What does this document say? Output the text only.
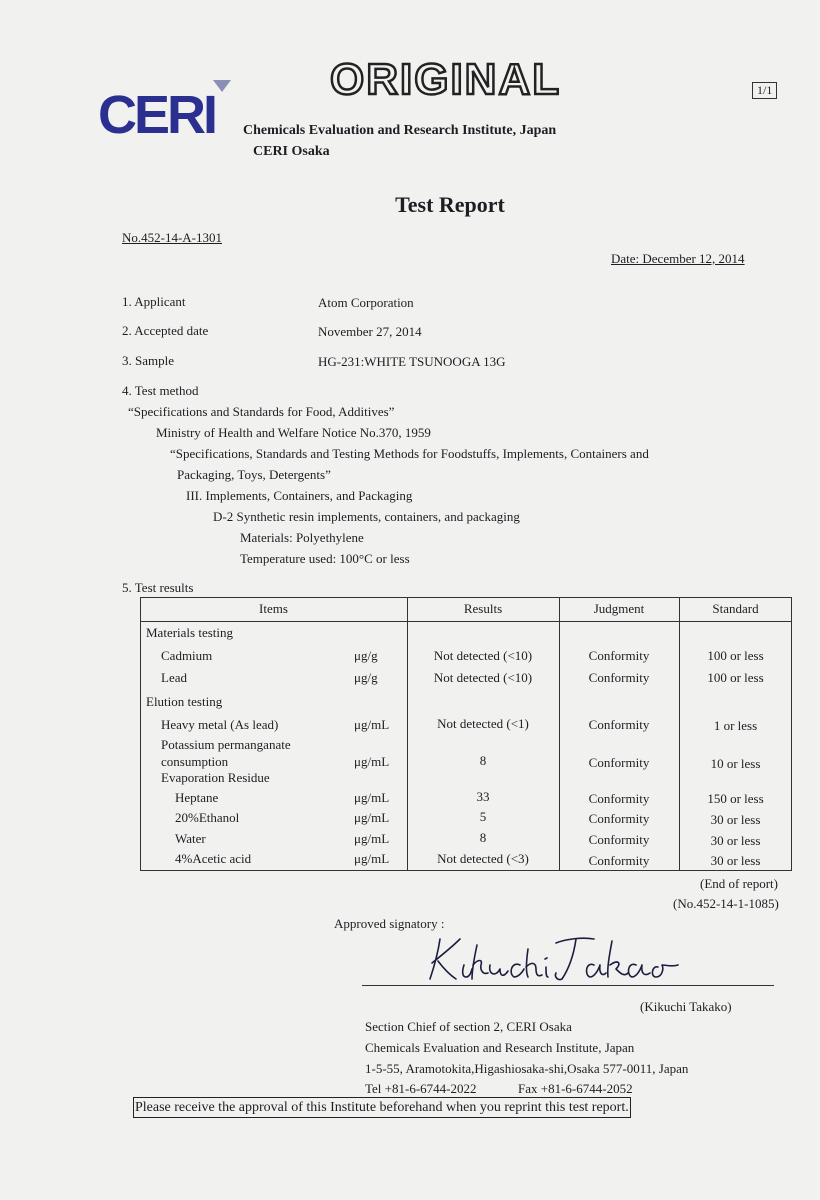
CERI
ORIGINAL	1/1
Chemicals Evaluation and Research Institute, Japan
CERI Osaka
Test Report
No.452-14-A-1301
Date: December 12, 2014
1. Applicant	Atom Corporation
2. Accepted date	November 27, 2014
3. Sample	HG-231:WHITE TSUNOOGA 13G
4. Test method
“Specifications and Standards for Food, Additives”
Ministry of Health and Welfare Notice No.370, 1959
“Specifications, Standards and Testing Methods for Foodstuffs, Implements, Containers and
Packaging, Toys, Detergents”
III. Implements, Containers, and Packaging
D-2 Synthetic resin implements, containers, and packaging
Materials: Polyethylene
Temperature used: 100°C or less
5. Test results
Items	Results	Judgment	Standard
Materials testing
Cadmium	μg/g	Not detected (<10)	Conformity	100 or less
Lead	μg/g	Not detected (<10)	Conformity	100 or less
Elution testing
Heavy metal (As lead)	μg/mL	Not detected (<1)	Conformity	1 or less
Potassium permanganate
consumption	μg/mL	8	Conformity	10 or less
Evaporation Residue
Heptane	μg/mL	33	Conformity	150 or less
20%Ethanol	μg/mL	5	Conformity	30 or less
Water	μg/mL	8	Conformity	30 or less
4%Acetic acid	μg/mL	Not detected (<3)	Conformity	30 or less
(End of report)
(No.452-14-1-1085)
Approved signatory :
(Kikuchi Takako)
Section Chief of section 2, CERI Osaka
Chemicals Evaluation and Research Institute, Japan
1-5-55, Aramotokita,Higashiosaka-shi,Osaka 577-0011, Japan
Tel +81-6-6744-2022	Fax +81-6-6744-2052
Please receive the approval of this Institute beforehand when you reprint this test report.
